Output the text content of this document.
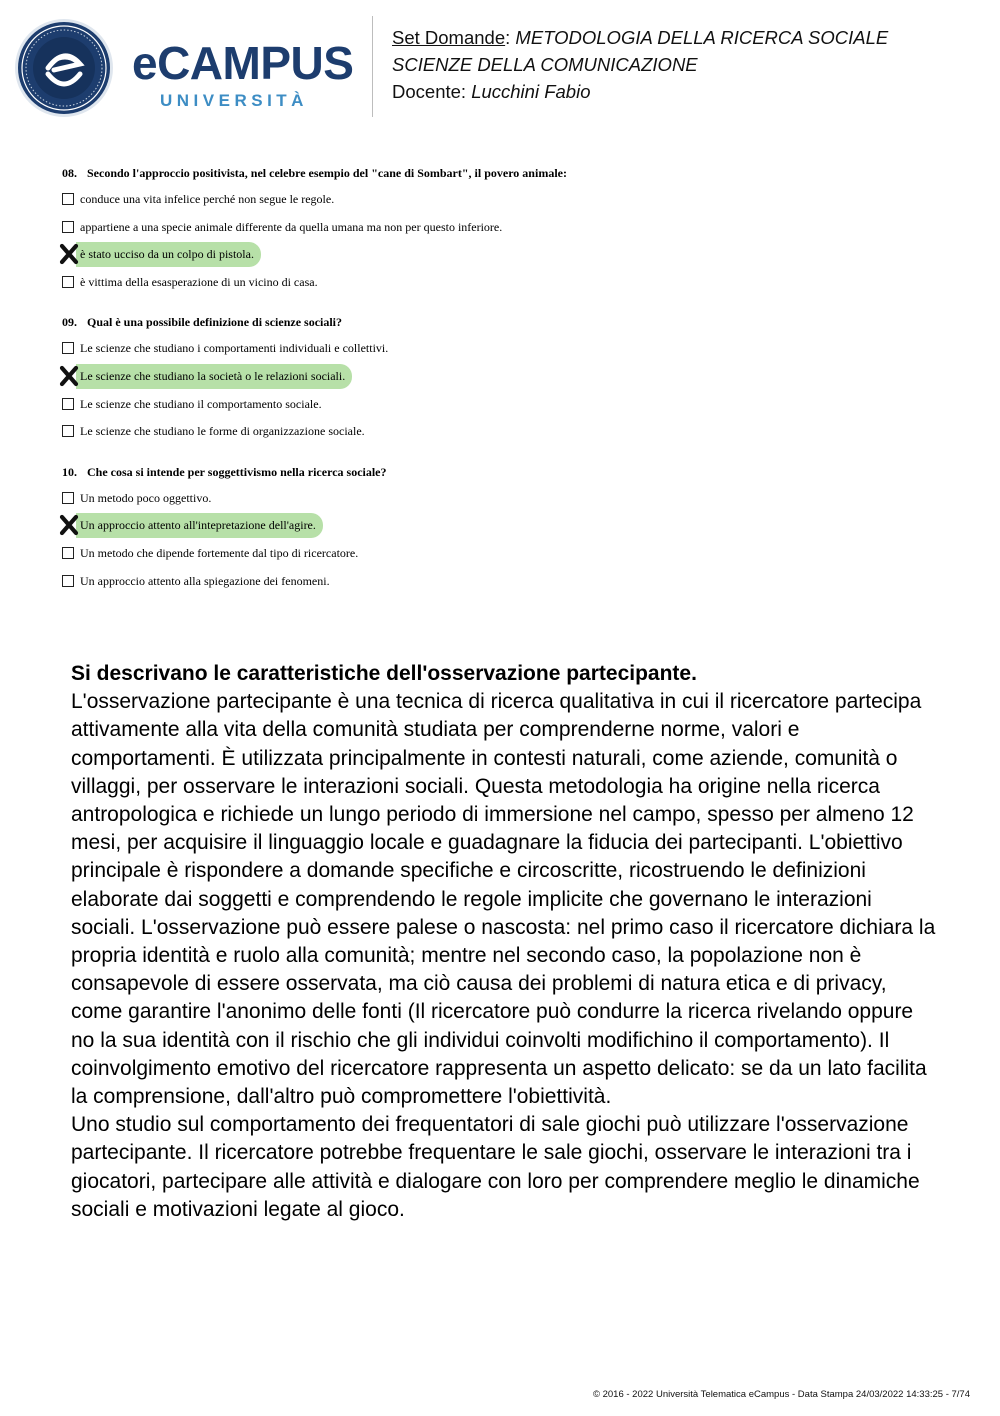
eCAMPUS
UNIVERSITÀ
Set Domande: METODOLOGIA DELLA RICERCA SOCIALE
SCIENZE DELLA COMUNICAZIONE
Docente: Lucchini Fabio
08. Secondo l'approccio positivista, nel celebre esempio del "cane di Sombart", il povero animale:
conduce una vita infelice perché non segue le regole.
appartiene a una specie animale differente da quella umana ma non per questo inferiore.
è stato ucciso da un colpo di pistola.
è vittima della esasperazione di un vicino di casa.
09. Qual è una possibile definizione di scienze sociali?
Le scienze che studiano i comportamenti individuali e collettivi.
Le scienze che studiano la società o le relazioni sociali.
Le scienze che studiano il comportamento sociale.
Le scienze che studiano le forme di organizzazione sociale.
10. Che cosa si intende per soggettivismo nella ricerca sociale?
Un metodo poco oggettivo.
Un approccio attento all'intepretazione dell'agire.
Un metodo che dipende fortemente dal tipo di ricercatore.
Un approccio attento alla spiegazione dei fenomeni.
Si descrivano le caratteristiche dell'osservazione partecipante.

L'osservazione partecipante è una tecnica di ricerca qualitativa in cui il ricercatore partecipa attivamente alla vita della comunità studiata per comprenderne norme, valori e comportamenti. È utilizzata principalmente in contesti naturali, come aziende, comunità o villaggi, per osservare le interazioni sociali. Questa metodologia ha origine nella ricerca antropologica e richiede un lungo periodo di immersione nel campo, spesso per almeno 12 mesi, per acquisire il linguaggio locale e guadagnare la fiducia dei partecipanti. L'obiettivo principale è rispondere a domande specifiche e circoscritte, ricostruendo le definizioni elaborate dai soggetti e comprendendo le regole implicite che governano le interazioni sociali. L'osservazione può essere palese o nascosta: nel primo caso il ricercatore dichiara la propria identità e ruolo alla comunità; mentre nel secondo caso, la popolazione non è consapevole di essere osservata, ma ciò causa dei problemi di natura etica e di privacy, come garantire l'anonimo delle fonti (Il ricercatore può condurre la ricerca rivelando oppure no la sua identità con il rischio che gli individui coinvolti modifichino il comportamento). Il coinvolgimento emotivo del ricercatore rappresenta un aspetto delicato: se da un lato facilita la comprensione, dall'altro può compromettere l'obiettività.

Uno studio sul comportamento dei frequentatori di sale giochi può utilizzare l'osservazione partecipante. Il ricercatore potrebbe frequentare le sale giochi, osservare le interazioni tra i giocatori, partecipare alle attività e dialogare con loro per comprendere meglio le dinamiche sociali e motivazioni legate al gioco.

© 2016 - 2022 Università Telematica eCampus - Data Stampa 24/03/2022 14:33:25 - 7/74
